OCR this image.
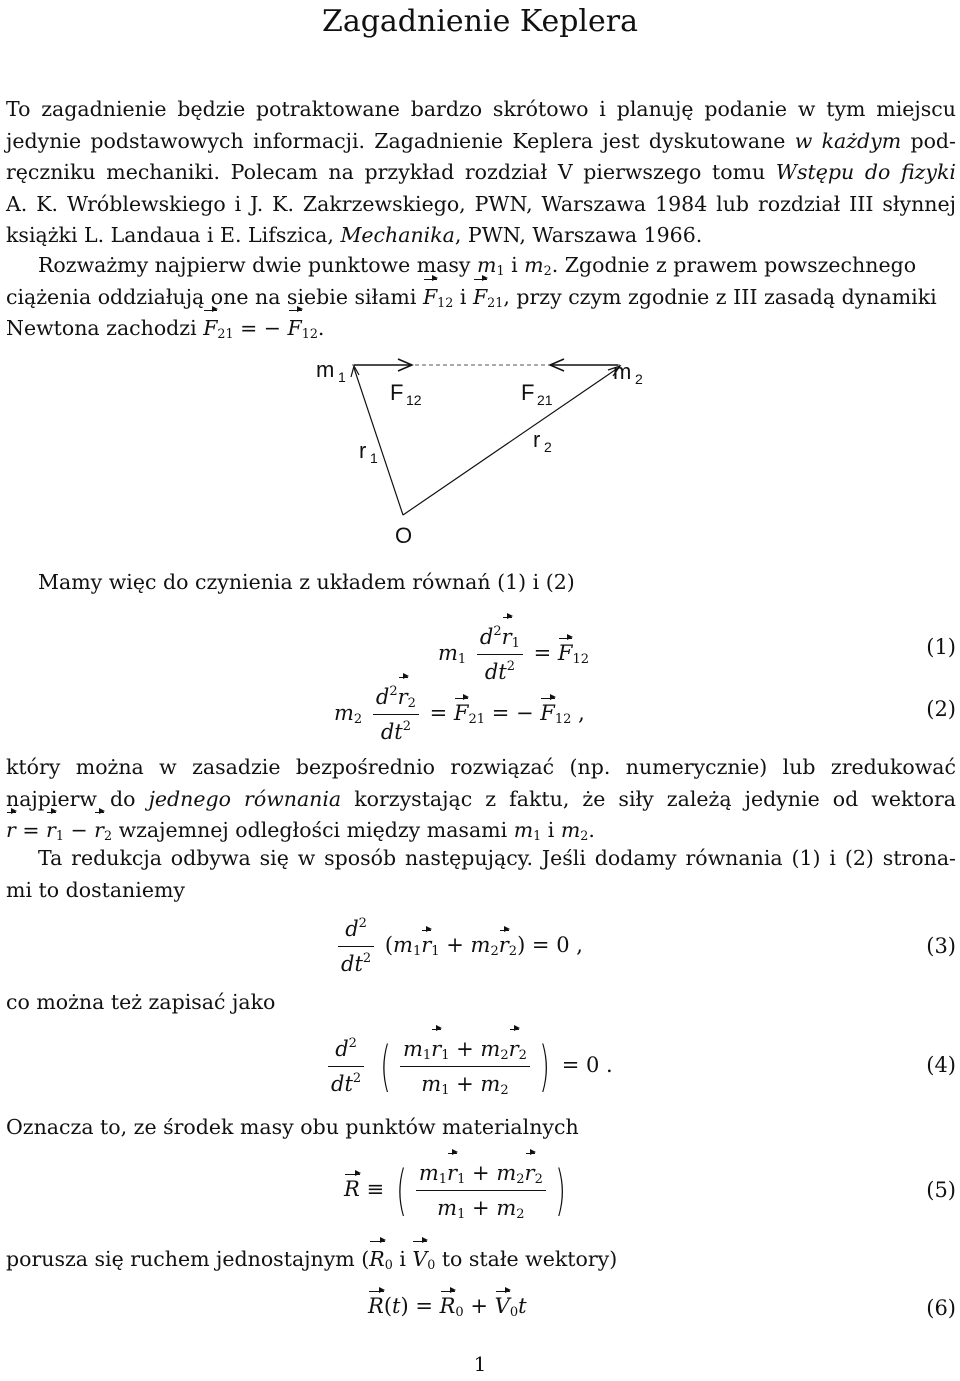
Zagadnienie Keplera
To zagadnienie będzie potraktowane bardzo skrótowo i planuję podanie w tym miejscu
jedynie podstawowych informacji. Zagadnienie Keplera jest dyskutowane w każdym pod-
ręczniku mechaniki. Polecam na przykład rozdział V pierwszego tomu Wstępu do fizyki
A. K. Wróblewskiego i J. K. Zakrzewskiego, PWN, Warszawa 1984 lub rozdział III słynnej
książki L. Landaua i E. Lifszica, Mechanika, PWN, Warszawa 1966.
Rozważmy najpierw dwie punktowe masy $m_1$ i $m_2$. Zgodnie z prawem powszechnego
ciążenia oddziałują one na siebie siłami $F_{12}$ i $F_{21}$, przy czym zgodnie z III zasadą dynamiki
Newtona zachodzi $F_{21}$ = − $F_{12}$.
m 1	m 2
F 12	F 21
r 1
r 2
O
Mamy więc do czynienia z układem równań (1) i (2)
$m_1 \frac{d^2r_1}{dt^2} = F_{12}$
(1)
$m_2 \frac{d^2r_2}{dt^2} = F_{21}$ = − $F_{12}$ ,	(2)
który można w zasadzie bezpośrednio rozwiązać (np. numerycznie) lub zredukować
najpierw do jednego równania korzystając z faktu, że siły zależą jedynie od wektora
$r = r_1 - r_2$ wzajemnej odległości między masami $m_1$ i $m_2$.
Ta redukcja odbywa się w sposób następujący. Jeśli dodamy równania (1) i (2) strona-
mi to dostaniemy
$\frac{d^2}{dt^2} (m_1r_1 + m_2r_2) = 0$ ,	(3)
co można też zapisać jako
$\frac{d^2}{dt^2}$ ( $\frac{m_1r_1 + m_2r_2}{m_1 + m_2}$ ) = 0 .	(4)
Oznacza to, ze środek masy obu punktów materialnych
R ≡ ( $\frac{m_1r_1 + m_2r_2}{m_1 + m_2}$ )	(5)
porusza się ruchem jednostajnym ($R_0$ i $V_0$ to stałe wektory)
$R(t) = R_0 + V_0t$	(6)
1
